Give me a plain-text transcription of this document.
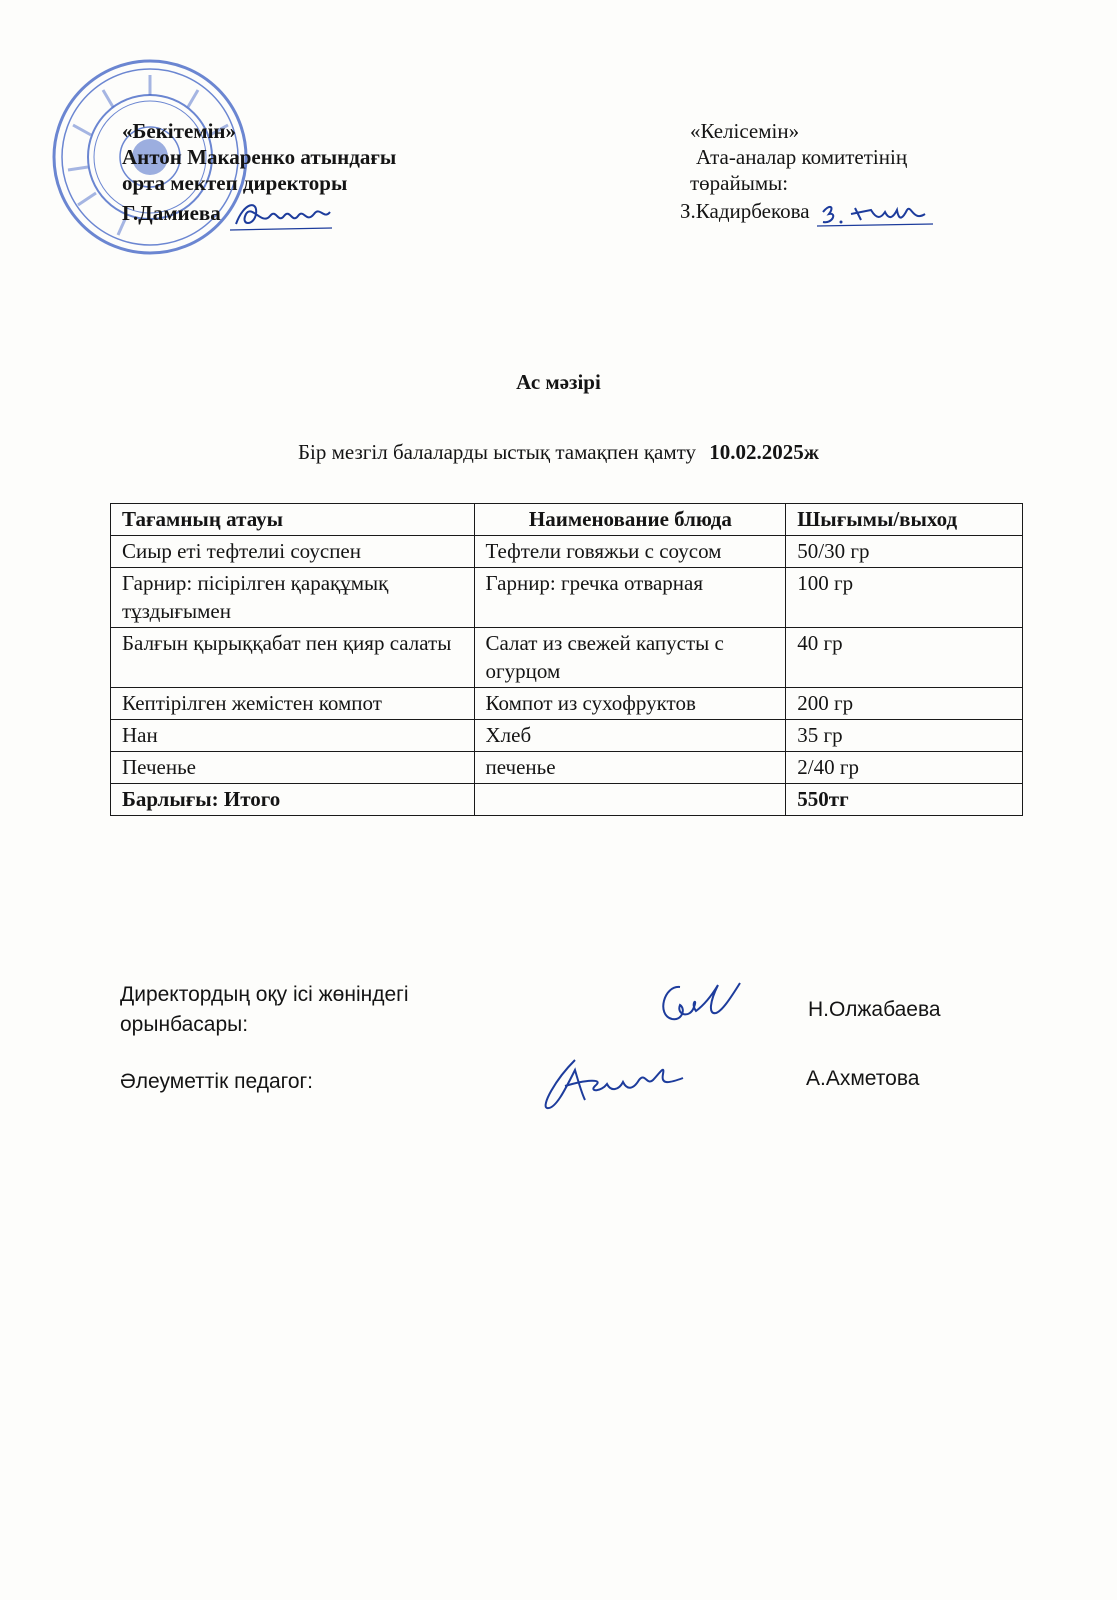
«Бекітемін»
Антон Макаренко атындағы
орта мектеп директоры
Г.Дамиева
«Келісемін»
Ата-аналар комитетінің
төрайымы:
З.Кадирбекова
Ас мәзірі
Бір мезгіл балаларды ыстық тамақпен қамту 10.02.2025ж
Тағамның атауы	Наименование блюда	Шығымы/выход
Сиыр еті тефтелиі соуспен	Тефтели говяжьи с соусом	50/30 гр
Гарнир: пісірілген қарақұмық тұздығымен	Гарнир: гречка отварная	100 гр
Балғын қырыққабат пен қияр салаты	Салат из свежей капусты с огурцом	40 гр
Кептірілген жемістен компот	Компот из сухофруктов	200 гр
Нан	Хлеб	35 гр
Печенье	печенье	2/40 гр
Барлығы: Итого		550тг
Директордың оқу ісі жөніндегі
орынбасары:
Н.Олжабаева
Әлеуметтік педагог:	А.Ахметова
